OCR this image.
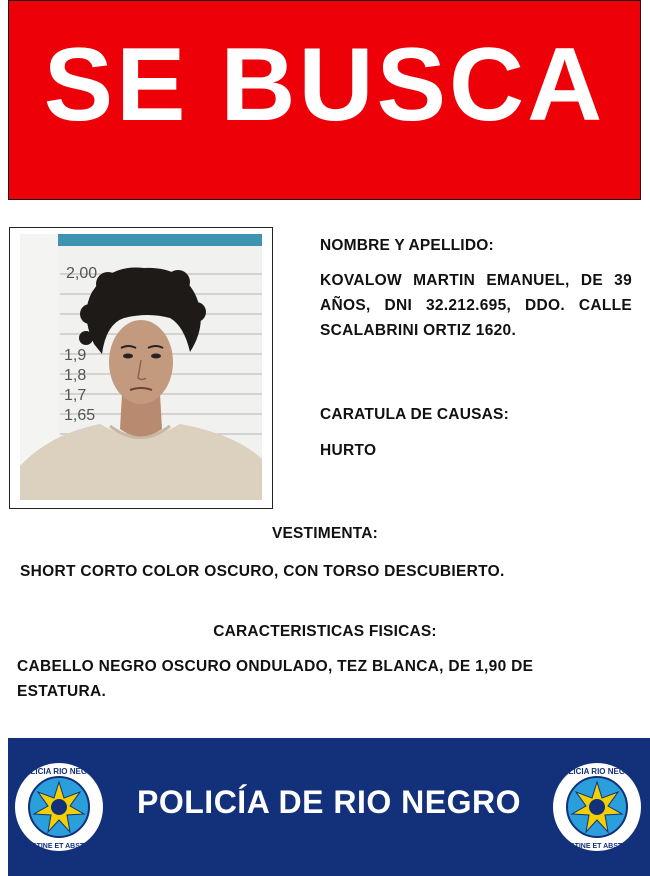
SE BUSCA
2,00
1,9
1,8
1,7
1,65
NOMBRE Y APELLIDO:
KOVALOW MARTIN EMANUEL, DE 39
AÑOS, DNI 32.212.695, DDO. CALLE
SCALABRINI ORTIZ 1620.
CARATULA DE CAUSAS:
HURTO
VESTIMENTA:
SHORT CORTO COLOR OSCURO, CON TORSO DESCUBIERTO.
CARACTERISTICAS FISICAS:
CABELLO NEGRO OSCURO ONDULADO, TEZ BLANCA, DE 1,90 DE
ESTATURA.
POLICIA RIO NEGRO
SUSTINE ET ABSTINE
POLICÍA DE RIO NEGRO
POLICIA RIO NEGRO
SUSTINE ET ABSTINE
